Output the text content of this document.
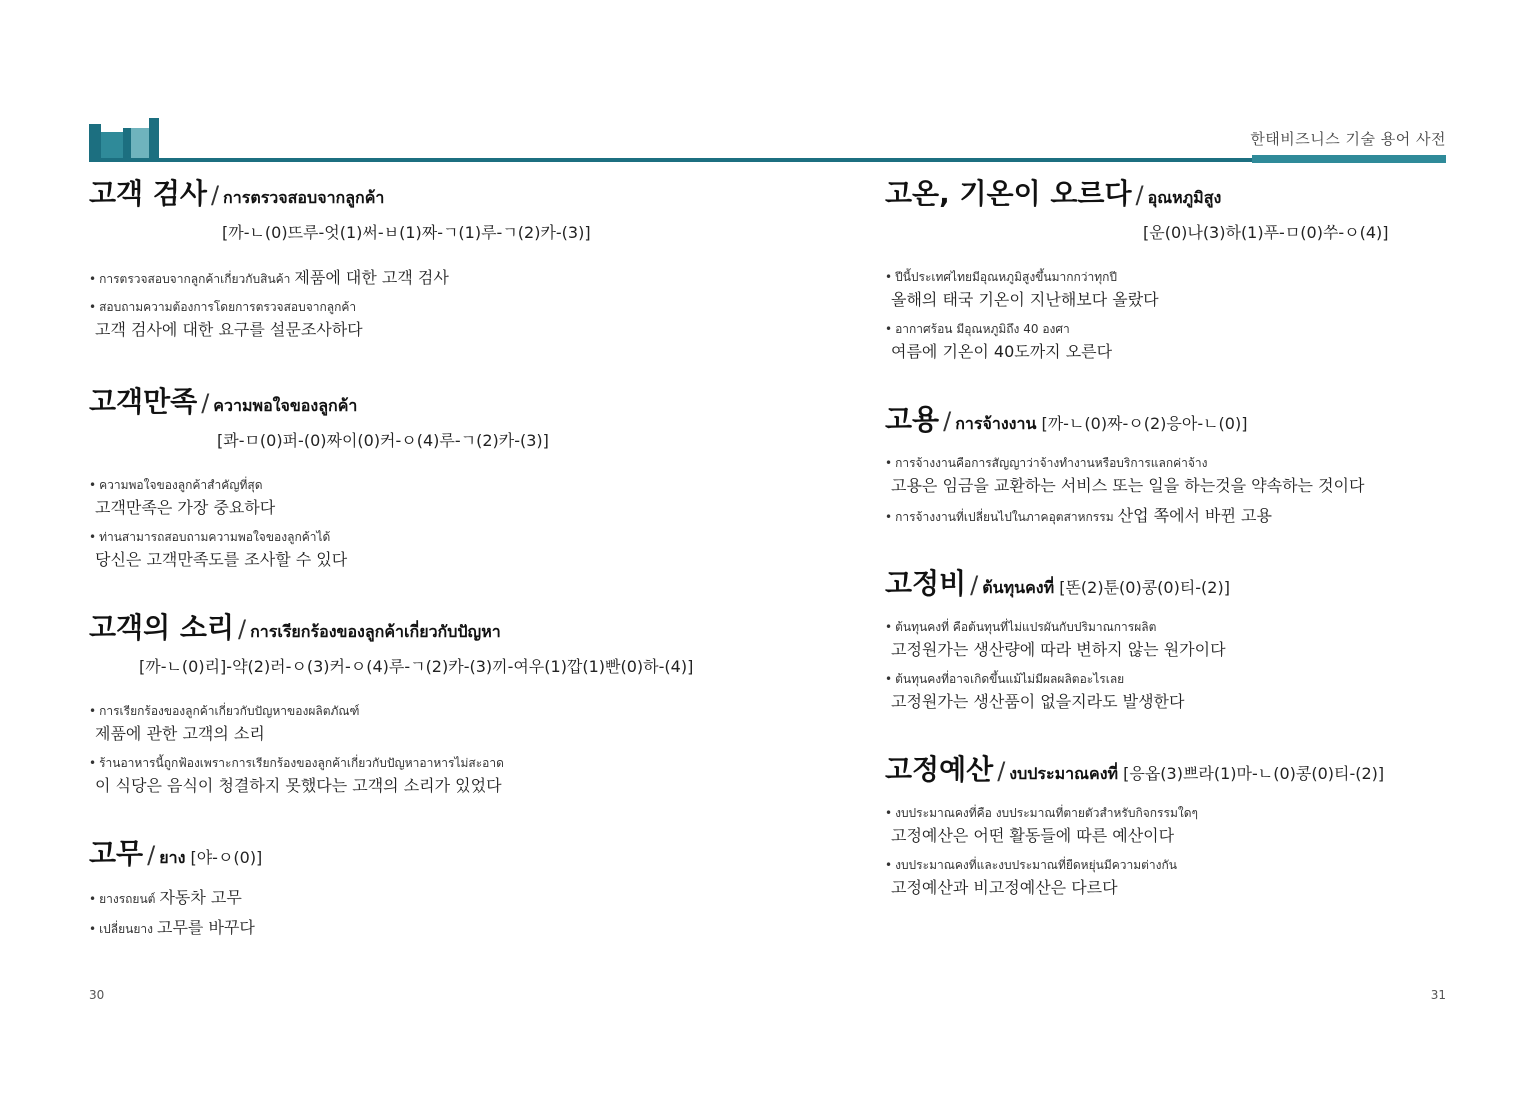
한태비즈니스 기술 용어 사전
고객 검사 / การตรวจสอบจากลูกค้า
[까-ㄴ(0)뜨루-엇(1)써-ㅂ(1)짜-ㄱ(1)루-ㄱ(2)카-(3)]
• การตรวจสอบจากลูกค้าเกี่ยวกับสินค้า 제품에 대한 고객 검사
• สอบถามความต้องการโดยการตรวจสอบจากลูกค้า
고객 검사에 대한 요구를 설문조사하다
고객만족 / ความพอใจของลูกค้า
[콰-ㅁ(0)퍼-(0)짜이(0)커-ㅇ(4)루-ㄱ(2)카-(3)]
• ความพอใจของลูกค้าสำคัญที่สุด
고객만족은 가장 중요하다
• ท่านสามารถสอบถามความพอใจของลูกค้าได้
당신은 고객만족도를 조사할 수 있다
고객의 소리 / การเรียกร้องของลูกค้าเกี่ยวกับปัญหา
[까-ㄴ(0)리]-약(2)러-ㅇ(3)커-ㅇ(4)루-ㄱ(2)카-(3)끼-여우(1)깝(1)빤(0)하-(4)]
• การเรียกร้องของลูกค้าเกี่ยวกับปัญหาของผลิตภัณฑ์
제품에 관한 고객의 소리
• ร้านอาหารนี้ถูกฟ้องเพราะการเรียกร้องของลูกค้าเกี่ยวกับปัญหาอาหารไม่สะอาด
이 식당은 음식이 청결하지 못했다는 고객의 소리가 있었다
고무 / ยาง [야-ㅇ(0)]
• ยางรถยนต์ 자동차 고무
• เปลี่ยนยาง 고무를 바꾸다
고온, 기온이 오르다 / อุณหภูมิสูง
[운(0)나(3)하(1)푸-ㅁ(0)쑤-ㅇ(4)]
• ปีนี้ประเทศไทยมีอุณหภูมิสูงขึ้นมากกว่าทุกปี
올해의 태국 기온이 지난해보다 올랐다
• อากาศร้อน มีอุณหภูมิถึง 40 องศา
여름에 기온이 40도까지 오른다
고용 / การจ้างงาน [까-ㄴ(0)짜-ㅇ(2)응아-ㄴ(0)]
• การจ้างงานคือการสัญญาว่าจ้างทำงานหรือบริการแลกค่าจ้าง
고용은 임금을 교환하는 서비스 또는 일을 하는것을 약속하는 것이다
• การจ้างงานที่เปลี่ยนไปในภาคอุตสาหกรรม 산업 쪽에서 바뀐 고용
고정비 / ต้นทุนคงที่ [똔(2)툰(0)콩(0)티-(2)]
• ต้นทุนคงที่ คือต้นทุนที่ไม่แปรผันกับปริมาณการผลิต
고정원가는 생산량에 따라 변하지 않는 원가이다
• ต้นทุนคงที่อาจเกิดขึ้นแม้ไม่มีผลผลิตอะไรเลย
고정원가는 생산품이 없을지라도 발생한다
고정예산 / งบประมาณคงที่ [응옵(3)쁘라(1)마-ㄴ(0)콩(0)티-(2)]
• งบประมาณคงที่คือ งบประมาณที่ตายตัวสำหรับกิจกรรมใดๆ
고정예산은 어떤 활동들에 따른 예산이다
• งบประมาณคงที่และงบประมาณที่ยืดหยุ่นมีความต่างกัน
고정예산과 비고정예산은 다르다
30	31
